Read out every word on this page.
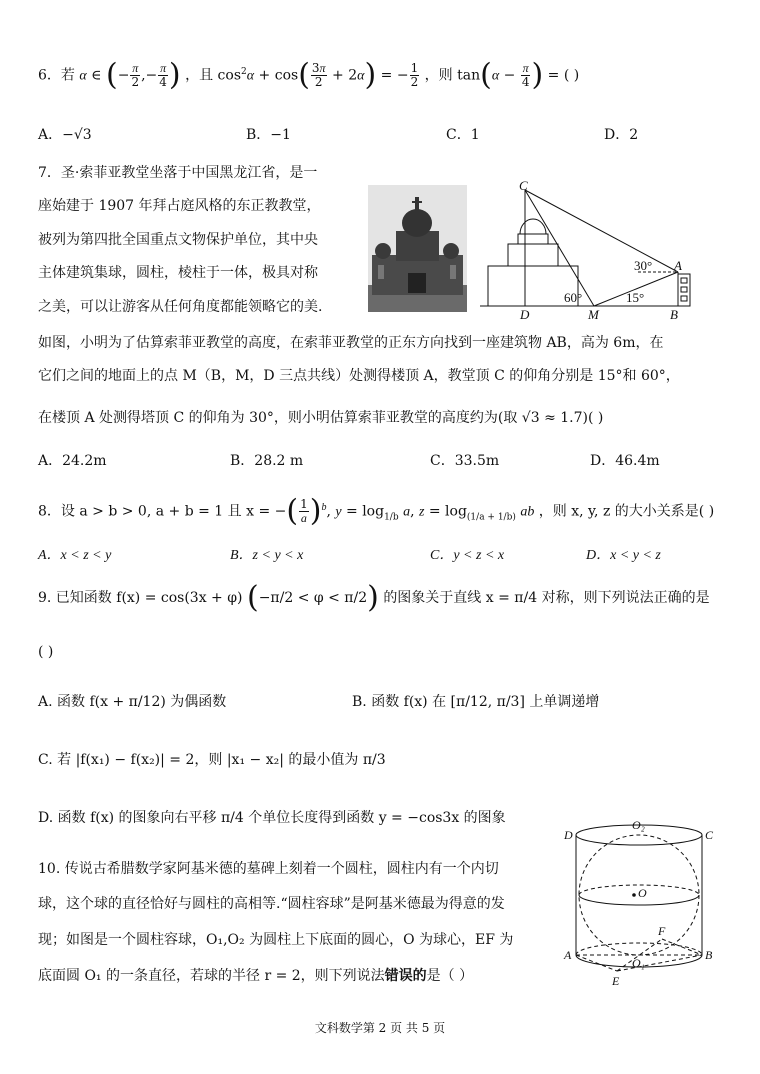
6．若 α ∈ (− $\frac{\pi}{2}$ ,− $\frac{\pi}{4}$ ) ，且 $\cos^2\alpha + \cos( \frac{3\pi}{2} + 2\alpha)$ = − $\frac{1}{2}$ ，则 $\tan(\alpha - \frac{\pi}{4}$ ) = ( )
A．−√3	B．−1	C．1	D．2
7．圣·索菲亚教堂坐落于中国黑龙江省，是一
座始建于 1907 年拜占庭风格的东正教教堂，
被列为第四批全国重点文物保护单位，其中央
主体建筑集球，圆柱，棱柱于一体，极具对称
之美，可以让游客从任何角度都能领略它的美.
如图，小明为了估算索菲亚教堂的高度，在索菲亚教堂的正东方向找到一座建筑物 AB，高为 6m，在
它们之间的地面上的点 M（B，M，D 三点共线）处测得楼顶 A，教堂顶 C 的仰角分别是 15°和 60°，
在楼顶 A 处测得塔顶 C 的仰角为 30°，则小明估算索菲亚教堂的高度约为(取 √3 ≈ 1.7)( )
C
A
D	M	B
60°
30°
15°
A．24.2m	B．28.2 m	C．33.5m	D．46.4m
8．设 a > b > 0, a + b = 1 且 x = −( $\frac{1}{a} )^b$, $y = \log_{1/b} a$, $z = \log_{(1/a + 1/b)}$ ab ，则 x, y, z 的大小关系是( )
A．x < z < y	B．z < y < x	C．y < z < x	D．x < y < z
9. 已知函数 f(x) = cos(3x + φ) (−π/2 < φ < π/2) 的图象关于直线 x = π/4 对称，则下列说法正确的是
( )
A. 函数 f(x + π/12) 为偶函数	B. 函数 f(x) 在 [π/12, π/3] 上单调递增
C. 若 |f(x₁) − f(x₂)| = 2，则 |x₁ − x₂| 的最小值为 π/3
D. 函数 f(x) 的图象向右平移 π/4 个单位长度得到函数 y = −cos3x 的图象
10. 传说古希腊数学家阿基米德的墓碑上刻着一个圆柱，圆柱内有一个内切
球，这个球的直径恰好与圆柱的高相等.“圆柱容球”是阿基米德最为得意的发
现；如图是一个圆柱容球，O₁,O₂ 为圆柱上下底面的圆心，O 为球心，EF 为
底面圆 O₁ 的一条直径，若球的半径 r = 2，则下列说法错误的是（ ）
D	C
O₂
O
F
A	B
O₁
E
文科数学第 2 页 共 5 页
